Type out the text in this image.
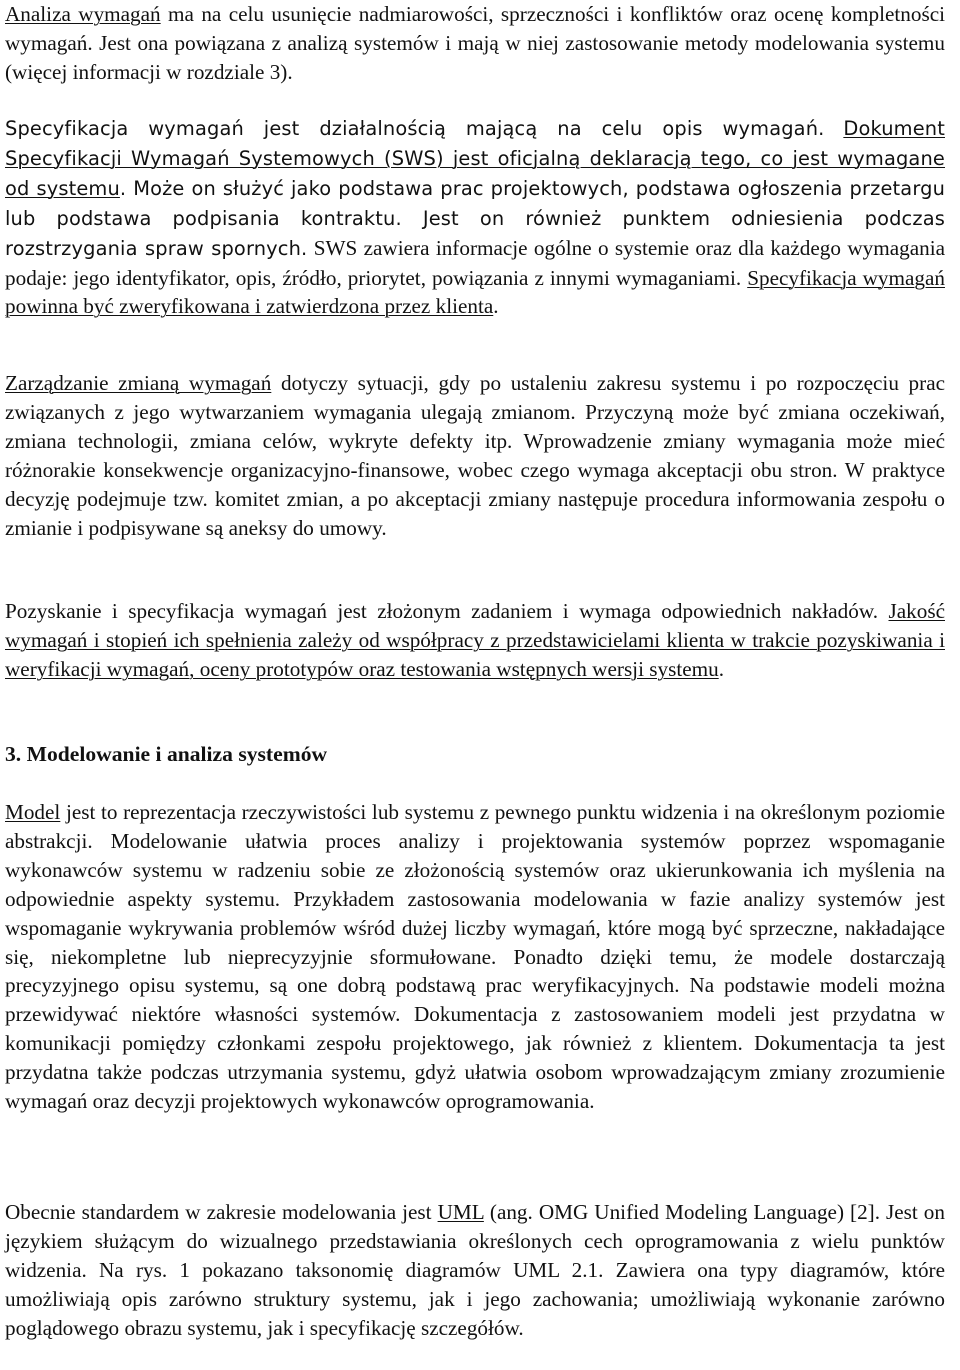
Analiza wymagań ma na celu usunięcie nadmiarowości, sprzeczności i konfliktów oraz ocenę kompletności wymagań. Jest ona powiązana z analizą systemów i mają w niej zastosowanie metody modelowania systemu (więcej informacji w rozdziale 3).

Specyfikacja wymagań jest działalnością mającą na celu opis wymagań. Dokument Specyfikacji Wymagań Systemowych (SWS) jest oficjalną deklaracją tego, co jest wymagane od systemu. Może on służyć jako podstawa prac projektowych, podstawa ogłoszenia przetargu lub podstawa podpisania kontraktu. Jest on również punktem odniesienia podczas rozstrzygania spraw spornych. SWS zawiera informacje ogólne o systemie oraz dla każdego wymagania podaje: jego identyfikator, opis, źródło, priorytet, powiązania z innymi wymaganiami. Specyfikacja wymagań powinna być zweryfikowana i zatwierdzona przez klienta.

Zarządzanie zmianą wymagań dotyczy sytuacji, gdy po ustaleniu zakresu systemu i po rozpoczęciu prac związanych z jego wytwarzaniem wymagania ulegają zmianom. Przyczyną może być zmiana oczekiwań, zmiana technologii, zmiana celów, wykryte defekty itp. Wprowadzenie zmiany wymagania może mieć różnorakie konsekwencje organizacyjno-finansowe, wobec czego wymaga akceptacji obu stron. W praktyce decyzję podejmuje tzw. komitet zmian, a po akceptacji zmiany następuje procedura informowania zespołu o zmianie i podpisywane są aneksy do umowy.

Pozyskanie i specyfikacja wymagań jest złożonym zadaniem i wymaga odpowiednich nakładów. Jakość wymagań i stopień ich spełnienia zależy od współpracy z przedstawicielami klienta w trakcie pozyskiwania i weryfikacji wymagań, oceny prototypów oraz testowania wstępnych wersji systemu.

3. Modelowanie i analiza systemów

Model jest to reprezentacja rzeczywistości lub systemu z pewnego punktu widzenia i na określonym poziomie abstrakcji. Modelowanie ułatwia proces analizy i projektowania systemów poprzez wspomaganie wykonawców systemu w radzeniu sobie ze złożonością systemów oraz ukierunkowania ich myślenia na odpowiednie aspekty systemu. Przykładem zastosowania modelowania w fazie analizy systemów jest wspomaganie wykrywania problemów wśród dużej liczby wymagań, które mogą być sprzeczne, nakładające się, niekompletne lub nieprecyzyjnie sformułowane. Ponadto dzięki temu, że modele dostarczają precyzyjnego opisu systemu, są one dobrą podstawą prac weryfikacyjnych. Na podstawie modeli można przewidywać niektóre własności systemów. Dokumentacja z zastosowaniem modeli jest przydatna w komunikacji pomiędzy członkami zespołu projektowego, jak również z klientem. Dokumentacja ta jest przydatna także podczas utrzymania systemu, gdyż ułatwia osobom wprowadzającym zmiany zrozumienie wymagań oraz decyzji projektowych wykonawców oprogramowania.

Obecnie standardem w zakresie modelowania jest UML (ang. OMG Unified Modeling Language) [2]. Jest on językiem służącym do wizualnego przedstawiania określonych cech oprogramowania z wielu punktów widzenia. Na rys. 1 pokazano taksonomię diagramów UML 2.1. Zawiera ona typy diagramów, które umożliwiają opis zarówno struktury systemu, jak i jego zachowania; umożliwiają wykonanie zarówno poglądowego obrazu systemu, jak i specyfikację szczegółów.
